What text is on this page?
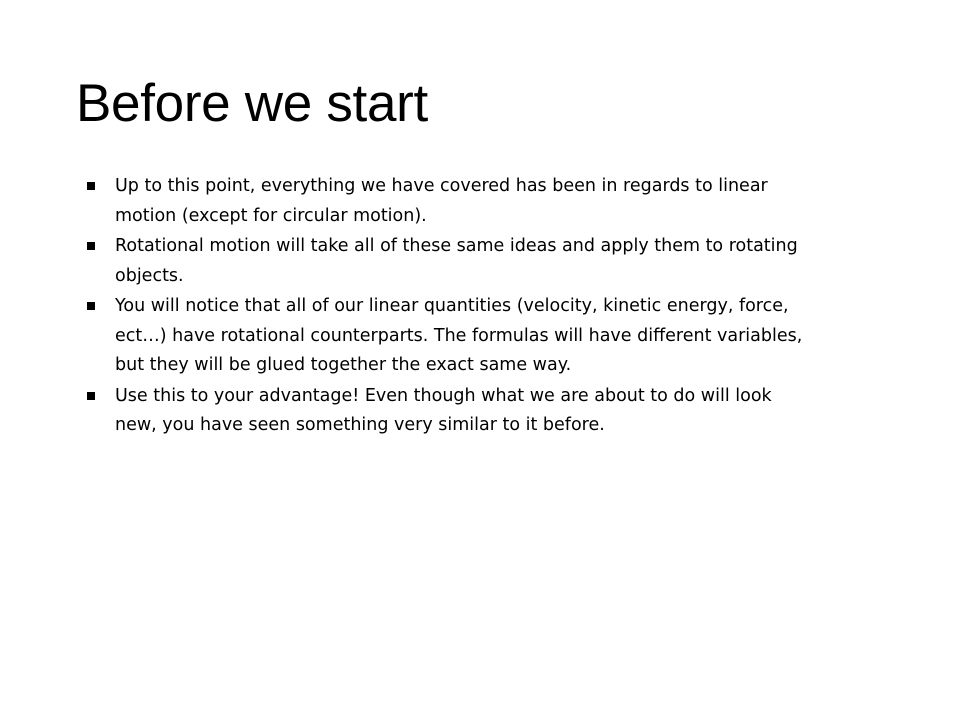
Before we start
Up to this point, everything we have covered has been in regards to linear motion (except for circular motion).
Rotational motion will take all of these same ideas and apply them to rotating objects.
You will notice that all of our linear quantities (velocity, kinetic energy, force, ect…) have rotational counterparts. The formulas will have different variables, but they will be glued together the exact same way.
Use this to your advantage! Even though what we are about to do will look new, you have seen something very similar to it before.
